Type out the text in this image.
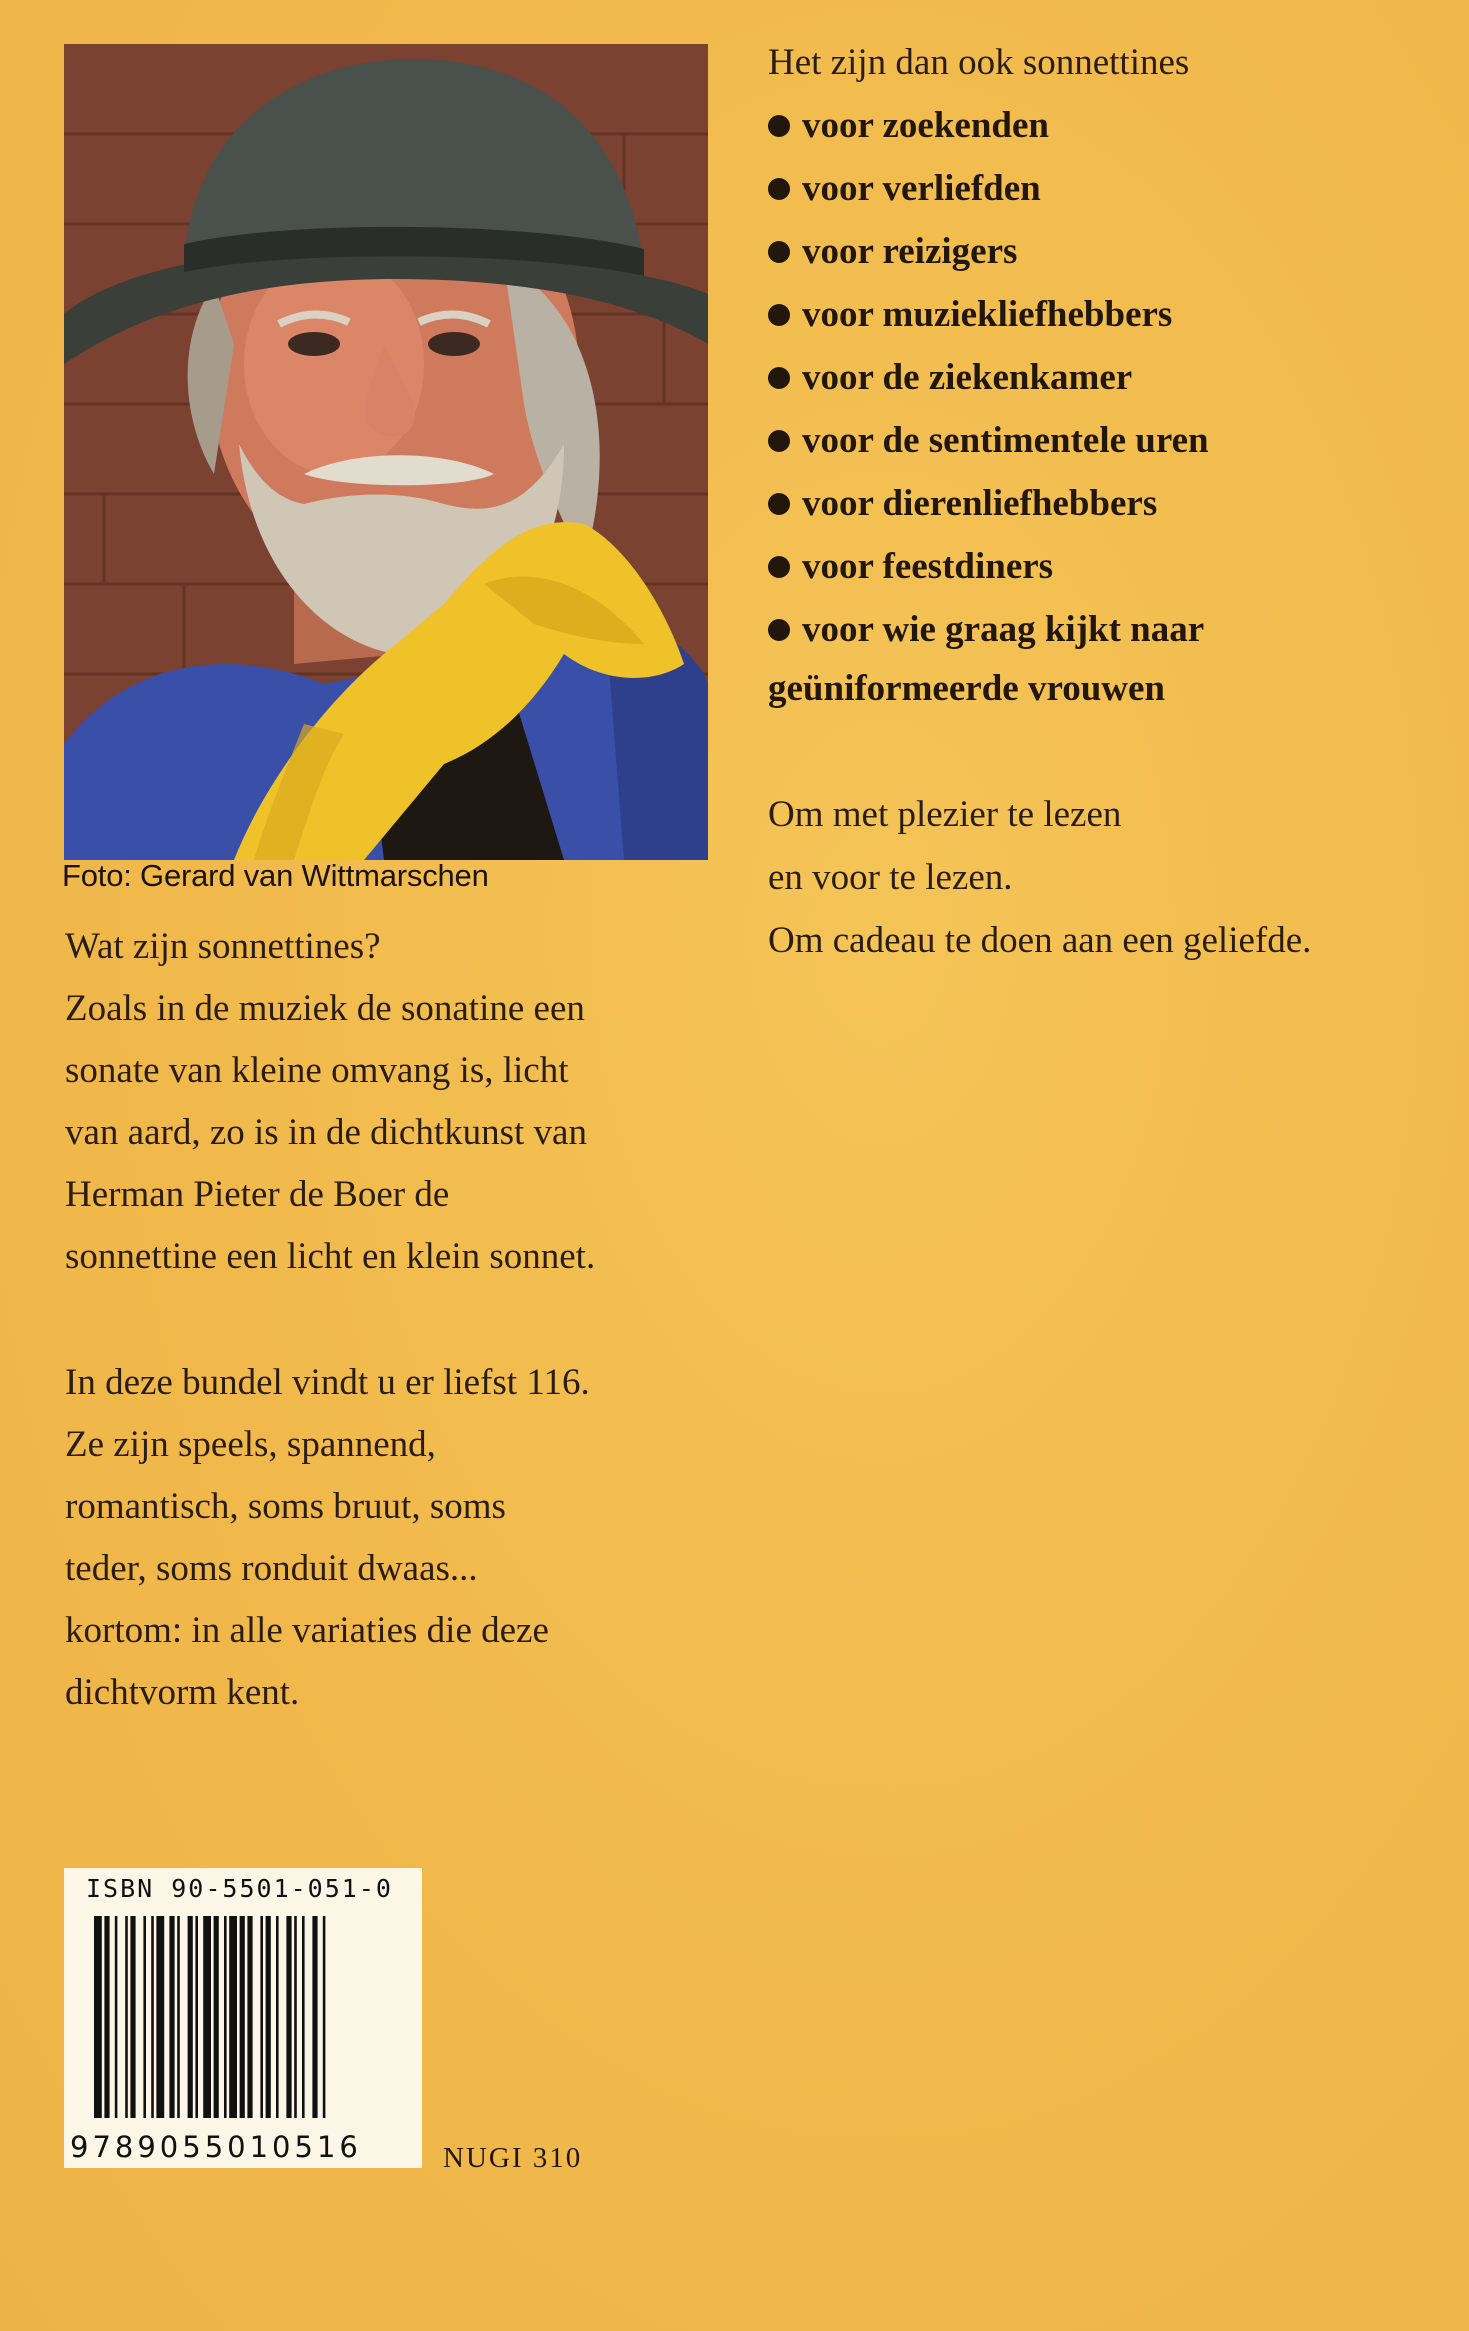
Foto: Gerard van Wittmarschen

Wat zijn sonnettines?

Zoals in de muziek de sonatine een

sonate van kleine omvang is, licht

van aard, zo is in de dichtkunst van

Herman Pieter de Boer de

sonnettine een licht en klein sonnet.

In deze bundel vindt u er liefst 116.

Ze zijn speels, spannend,

romantisch, soms bruut, soms

teder, soms ronduit dwaas...

kortom: in alle variaties die deze

dichtvorm kent.

Het zijn dan ook sonnettines

voor zoekenden
voor verliefden
voor reizigers
voor muziekliefhebbers
voor de ziekenkamer
voor de sentimentele uren
voor dierenliefhebbers
voor feestdiners
voor wie graag kijkt naar

geüniformeerde vrouwen

Om met plezier te lezen

en voor te lezen.

Om cadeau te doen aan een geliefde.

ISBN 90-5501-051-0
9789055010516	NUGI 310
